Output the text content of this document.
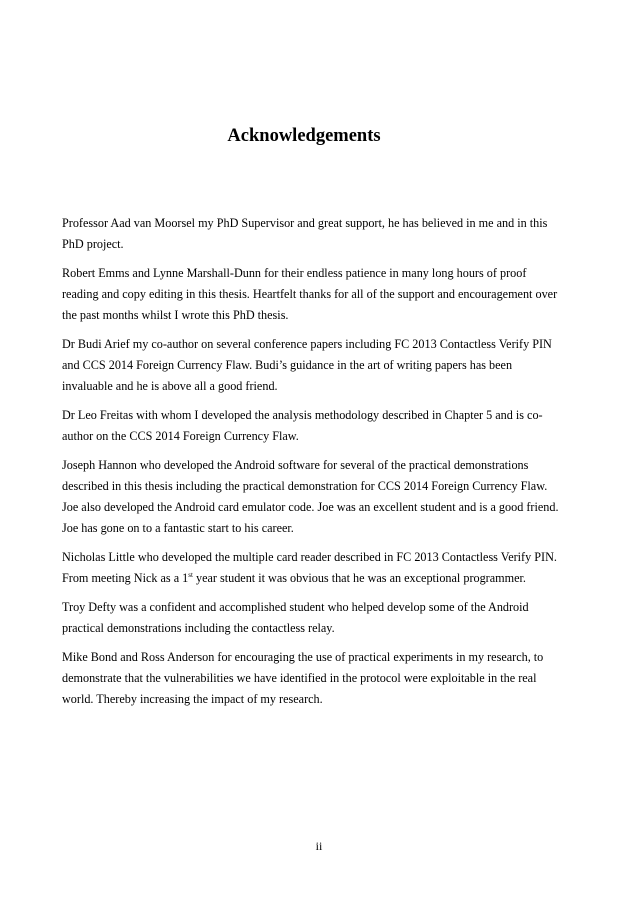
Acknowledgements

Professor Aad van Moorsel my PhD Supervisor and great support, he has believed in me and in this PhD project.

Robert Emms and Lynne Marshall-Dunn for their endless patience in many long hours of proof reading and copy editing in this thesis. Heartfelt thanks for all of the support and encouragement over the past months whilst I wrote this PhD thesis.

Dr Budi Arief my co-author on several conference papers including FC 2013 Contactless Verify PIN and CCS 2014 Foreign Currency Flaw. Budi’s guidance in the art of writing papers has been invaluable and he is above all a good friend.

Dr Leo Freitas with whom I developed the analysis methodology described in Chapter 5 and is co-author on the CCS 2014 Foreign Currency Flaw.

Joseph Hannon who developed the Android software for several of the practical demonstrations described in this thesis including the practical demonstration for CCS 2014 Foreign Currency Flaw. Joe also developed the Android card emulator code. Joe was an excellent student and is a good friend. Joe has gone on to a fantastic start to his career.

Nicholas Little who developed the multiple card reader described in FC 2013 Contactless Verify PIN. From meeting Nick as a 1st year student it was obvious that he was an exceptional programmer.

Troy Defty was a confident and accomplished student who helped develop some of the Android practical demonstrations including the contactless relay.

Mike Bond and Ross Anderson for encouraging the use of practical experiments in my research, to demonstrate that the vulnerabilities we have identified in the protocol were exploitable in the real world. Thereby increasing the impact of my research.

ii
